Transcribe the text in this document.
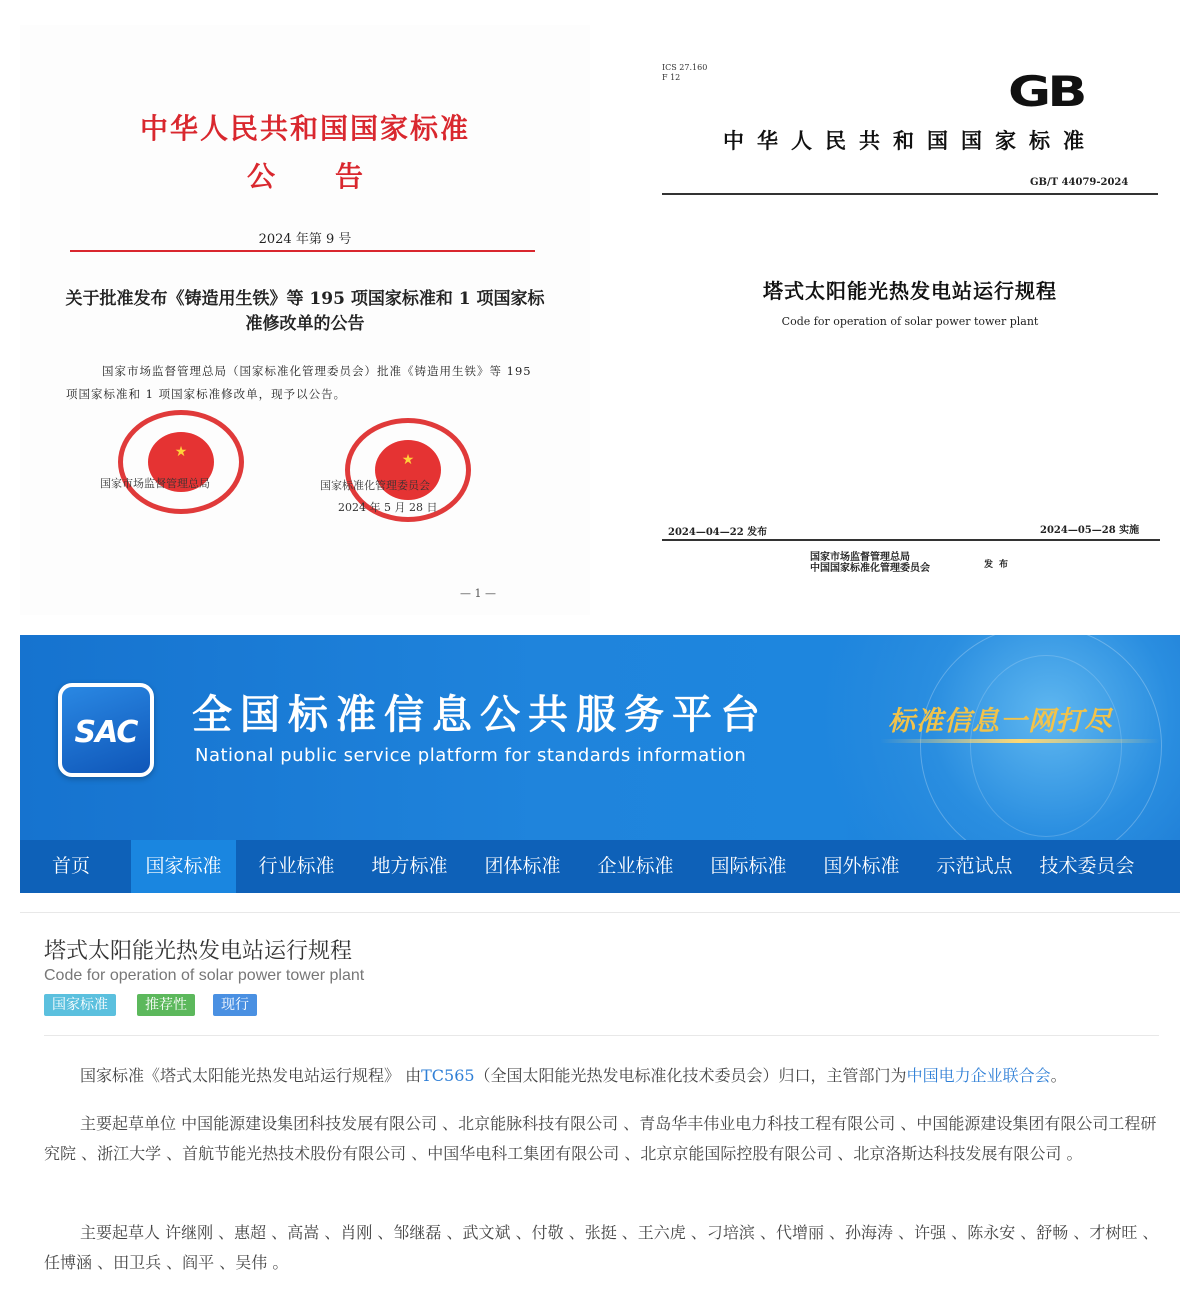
中华人民共和国国家标准
公告
2024 年第 9 号
关于批准发布《铸造用生铁》等 195 项国家标准和 1 项国家标准修改单的公告
国家市场监督管理总局（国家标准化管理委员会）批准《铸造用生铁》等 195 项国家标准和 1 项国家标准修改单，现予以公告。
★	★
国家市场监督管理总局	国家标准化管理委员会
2024 年 5 月 28 日
— 1 —
ICS 27.160
F 12	GB
中华人民共和国国家标准
GB/T 44079-2024
塔式太阳能光热发电站运行规程
Code for operation of solar power tower plant
2024—04—22 发布	2024—05—28 实施
国家市场监督管理总局
中国国家标准化管理委员会	发布
SAC	全国标准信息公共服务平台
National public service platform for standards information
标准信息一网打尽
首页	国家标准	行业标准	地方标准	团体标准	企业标准	国际标准	国外标准	示范试点	技术委员会
塔式太阳能光热发电站运行规程
Code for operation of solar power tower plant
国家标准	推荐性	现行
国家标准《塔式太阳能光热发电站运行规程》 由TC565（全国太阳能光热发电标准化技术委员会）归口，主管部门为中国电力企业联合会。
主要起草单位 中国能源建设集团科技发展有限公司 、北京能脉科技有限公司 、青岛华丰伟业电力科技工程有限公司 、中国能源建设集团有限公司工程研究院 、浙江大学 、首航节能光热技术股份有限公司 、中国华电科工集团有限公司 、北京京能国际控股有限公司 、北京洛斯达科技发展有限公司 。
主要起草人 许继刚 、惠超 、高嵩 、肖刚 、邹继磊 、武文斌 、付敬 、张挺 、王六虎 、刁培滨 、代增丽 、孙海涛 、许强 、陈永安 、舒畅 、才树旺 、任博涵 、田卫兵 、阎平 、吴伟 。
